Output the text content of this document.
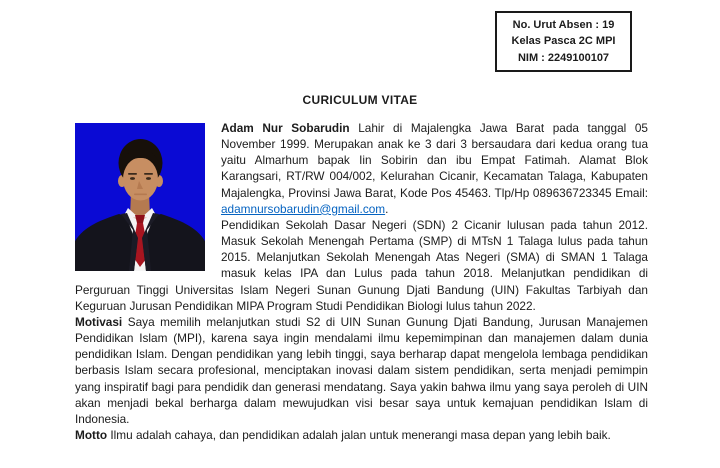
No. Urut Absen : 19
Kelas Pasca 2C MPI
NIM : 2249100107
CURICULUM VITAE

Adam Nur Sobarudin Lahir di Majalengka Jawa Barat pada tanggal 05 November 1999. Merupakan anak ke 3 dari 3 bersaudara dari kedua orang tua yaitu Almarhum bapak Iin Sobirin dan ibu Empat Fatimah. Alamat Blok Karangsari, RT/RW 004/002, Kelurahan Cicanir, Kecamatan Talaga, Kabupaten Majalengka, Provinsi Jawa Barat, Kode Pos 45463. Tlp/Hp 089636723345 Email: adamnursobarudin@gmail.com.

Pendidikan Sekolah Dasar Negeri (SDN) 2 Cicanir lulusan pada tahun 2012. Masuk Sekolah Menengah Pertama (SMP) di MTsN 1 Talaga lulus pada tahun 2015. Melanjutkan Sekolah Menengah Atas Negeri (SMA) di SMAN 1 Talaga masuk kelas IPA dan Lulus pada tahun 2018. Melanjutkan pendidikan di Perguruan Tinggi Universitas Islam Negeri Sunan Gunung Djati Bandung (UIN) Fakultas Tarbiyah dan Keguruan Jurusan Pendidikan MIPA Program Studi Pendidikan Biologi lulus tahun 2022.

Motivasi Saya memilih melanjutkan studi S2 di UIN Sunan Gunung Djati Bandung, Jurusan Manajemen Pendidikan Islam (MPI), karena saya ingin mendalami ilmu kepemimpinan dan manajemen dalam dunia pendidikan Islam. Dengan pendidikan yang lebih tinggi, saya berharap dapat mengelola lembaga pendidikan berbasis Islam secara profesional, menciptakan inovasi dalam sistem pendidikan, serta menjadi pemimpin yang inspiratif bagi para pendidik dan generasi mendatang. Saya yakin bahwa ilmu yang saya peroleh di UIN akan menjadi bekal berharga dalam mewujudkan visi besar saya untuk kemajuan pendidikan Islam di Indonesia.

Motto Ilmu adalah cahaya, dan pendidikan adalah jalan untuk menerangi masa depan yang lebih baik.
